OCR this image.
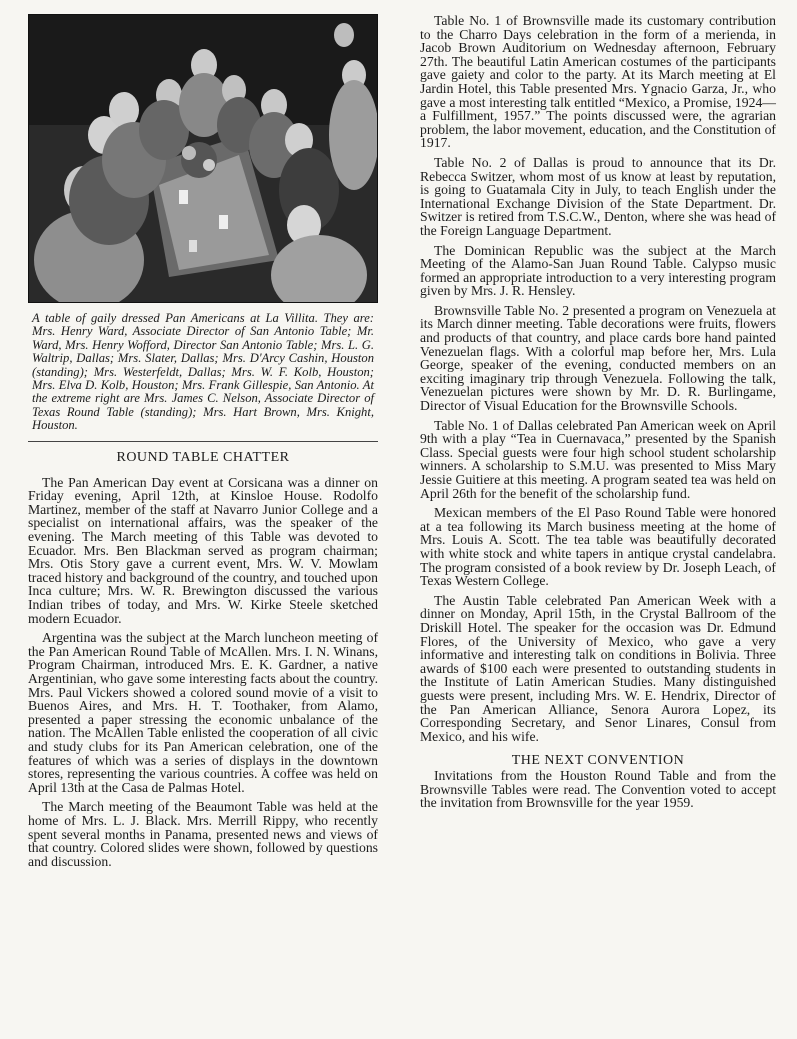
A table of gaily dressed Pan Americans at La Villita. They are: Mrs. Henry Ward, Associate Director of San Antonio Table; Mr. Ward, Mrs. Henry Wofford, Director San Antonio Table; Mrs. L. G. Waltrip, Dallas; Mrs. Slater, Dallas; Mrs. D'Arcy Cashin, Houston (standing); Mrs. Westerfeldt, Dallas; Mrs. W. F. Kolb, Houston; Mrs. Elva D. Kolb, Houston; Mrs. Frank Gillespie, San Antonio. At the extreme right are Mrs. James C. Nelson, Associate Director of Texas Round Table (standing); Mrs. Hart Brown, Mrs. Knight, Houston.
ROUND TABLE CHATTER

The Pan American Day event at Corsicana was a dinner on Friday evening, April 12th, at Kinsloe House. Rodolfo Martinez, member of the staff at Navarro Junior College and a specialist on international affairs, was the speaker of the evening. The March meeting of this Table was devoted to Ecuador. Mrs. Ben Blackman served as program chairman; Mrs. Otis Story gave a current event, Mrs. W. V. Mowlam traced history and background of the country, and touched upon Inca culture; Mrs. W. R. Brewington discussed the various Indian tribes of today, and Mrs. W. Kirke Steele sketched modern Ecuador.

Argentina was the subject at the March luncheon meeting of the Pan American Round Table of McAllen. Mrs. I. N. Winans, Program Chairman, introduced Mrs. E. K. Gardner, a native Argentinian, who gave some interesting facts about the country. Mrs. Paul Vickers showed a colored sound movie of a visit to Buenos Aires, and Mrs. H. T. Toothaker, from Alamo, presented a paper stressing the economic unbalance of the nation. The McAllen Table enlisted the cooperation of all civic and study clubs for its Pan American celebration, one of the features of which was a series of displays in the downtown stores, representing the various countries. A coffee was held on April 13th at the Casa de Palmas Hotel.

The March meeting of the Beaumont Table was held at the home of Mrs. L. J. Black. Mrs. Merrill Rippy, who recently spent several months in Panama, presented news and views of that country. Colored slides were shown, followed by questions and discussion.

Table No. 1 of Brownsville made its customary contribution to the Charro Days celebration in the form of a merienda, in Jacob Brown Auditorium on Wednesday afternoon, February 27th. The beautiful Latin American costumes of the participants gave gaiety and color to the party. At its March meeting at El Jardin Hotel, this Table presented Mrs. Ygnacio Garza, Jr., who gave a most interesting talk entitled “Mexico, a Promise, 1924—a Fulfillment, 1957.” The points discussed were, the agrarian problem, the labor movement, education, and the Constitution of 1917.

Table No. 2 of Dallas is proud to announce that its Dr. Rebecca Switzer, whom most of us know at least by reputation, is going to Guatamala City in July, to teach English under the International Exchange Division of the State Department. Dr. Switzer is retired from T.S.C.W., Denton, where she was head of the Foreign Language Department.

The Dominican Republic was the subject at the March Meeting of the Alamo-San Juan Round Table. Calypso music formed an appropriate introduction to a very interesting program given by Mrs. J. R. Hensley.

Brownsville Table No. 2 presented a program on Venezuela at its March dinner meeting. Table decorations were fruits, flowers and products of that country, and place cards bore hand painted Venezuelan flags. With a colorful map before her, Mrs. Lula George, speaker of the evening, conducted members on an exciting imaginary trip through Venezuela. Following the talk, Venezuelan pictures were shown by Mr. D. R. Burlingame, Director of Visual Education for the Brownsville Schools.

Table No. 1 of Dallas celebrated Pan American week on April 9th with a play “Tea in Cuernavaca,” presented by the Spanish Class. Special guests were four high school student scholarship winners. A scholarship to S.M.U. was presented to Miss Mary Jessie Guitiere at this meeting. A program seated tea was held on April 26th for the benefit of the scholarship fund.

Mexican members of the El Paso Round Table were honored at a tea following its March business meeting at the home of Mrs. Louis A. Scott. The tea table was beautifully decorated with white stock and white tapers in antique crystal candelabra. The program consisted of a book review by Dr. Joseph Leach, of Texas Western College.

The Austin Table celebrated Pan American Week with a dinner on Monday, April 15th, in the Crystal Ballroom of the Driskill Hotel. The speaker for the occasion was Dr. Edmund Flores, of the University of Mexico, who gave a very informative and interesting talk on conditions in Bolivia. Three awards of $100 each were presented to outstanding students in the Institute of Latin American Studies. Many distinguished guests were present, including Mrs. W. E. Hendrix, Director of the Pan American Alliance, Senora Aurora Lopez, its Corresponding Secretary, and Senor Linares, Consul from Mexico, and his wife.

THE NEXT CONVENTION

Invitations from the Houston Round Table and from the Brownsville Tables were read. The Convention voted to accept the invitation from Brownsville for the year 1959.
